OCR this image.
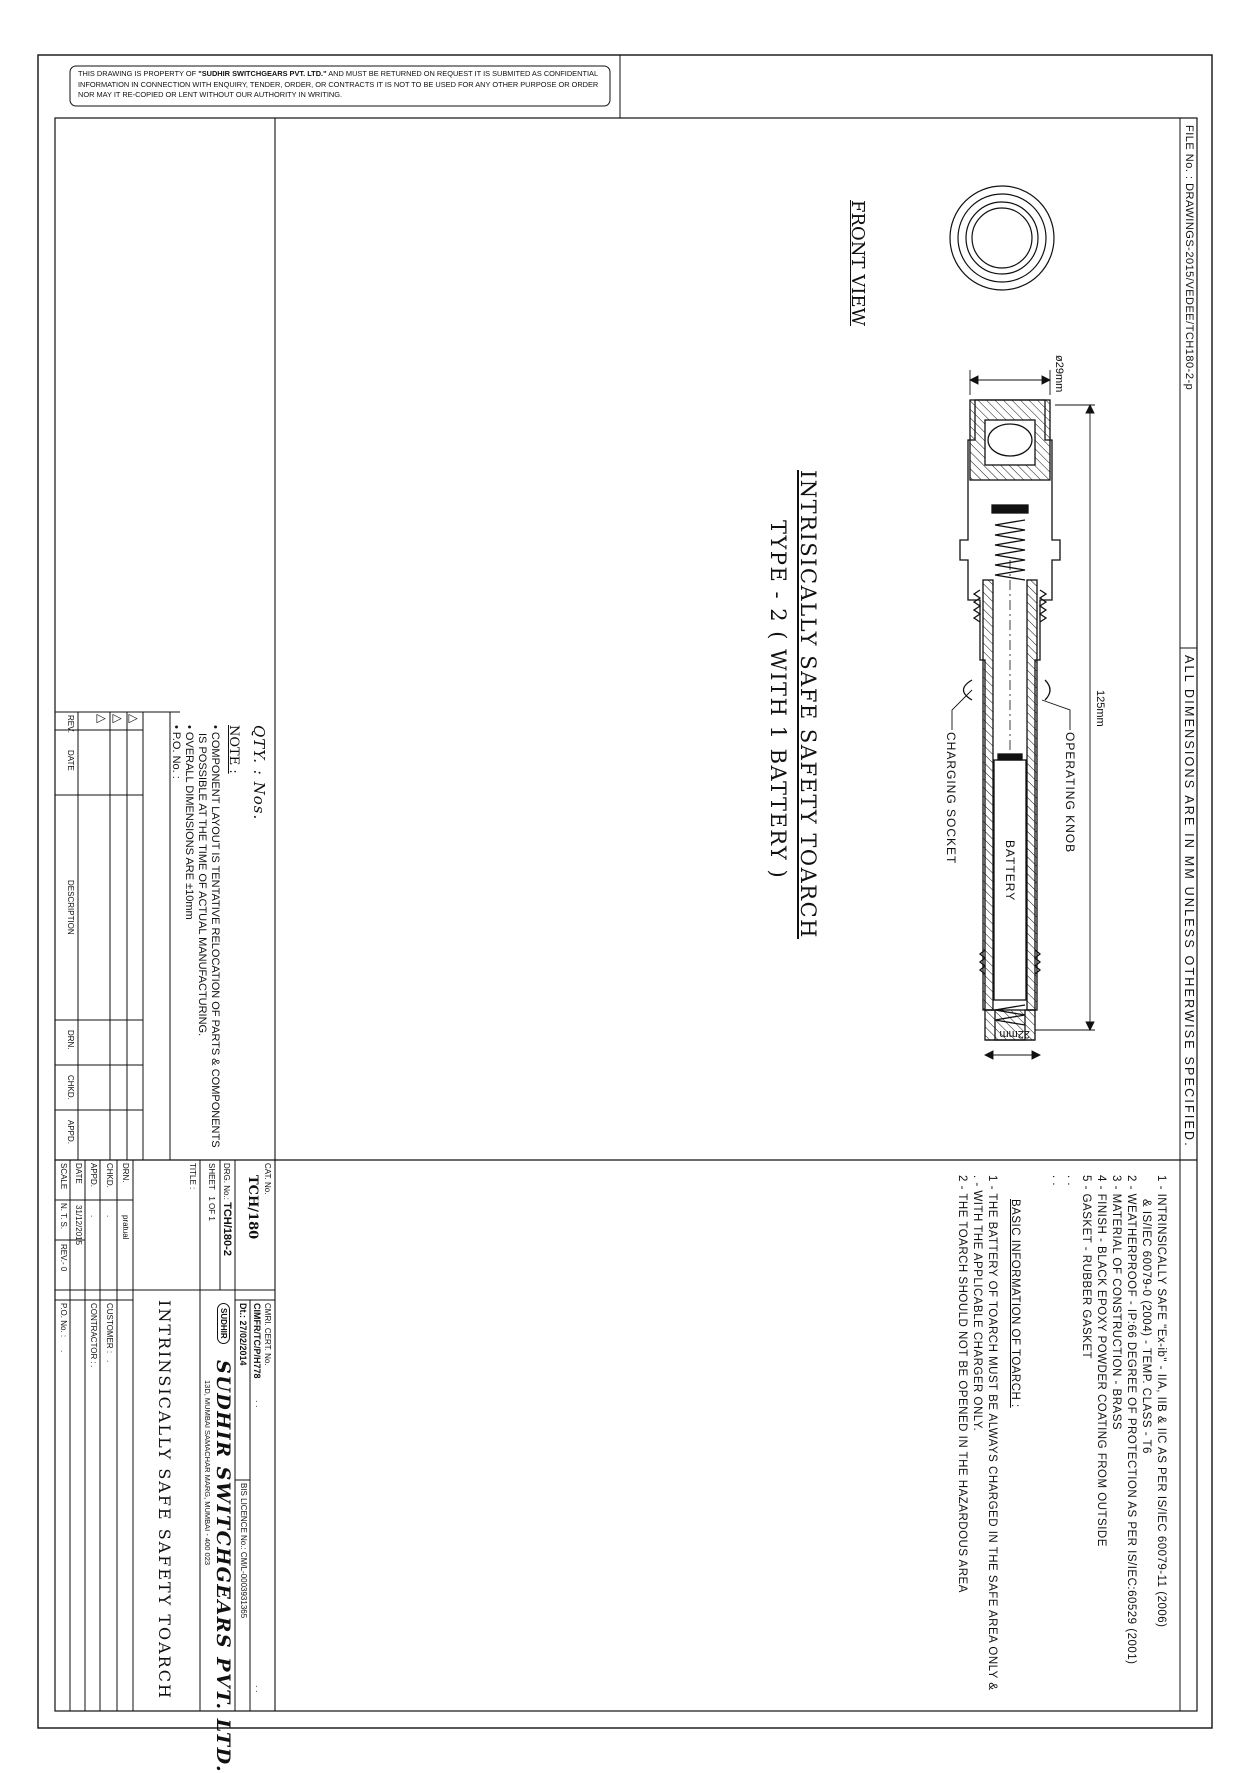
THIS DRAWING IS PROPERTY OF "SUDHIR SWITCHGEARS PVT. LTD." AND MUST BE RETURNED ON REQUEST IT IS SUBMITED AS CONFIDENTIAL
INFORMATION IN CONNECTION WITH ENQUIRY, TENDER, ORDER, OR CONTRACTS IT IS NOT TO BE USED FOR ANY OTHER PURPOSE OR ORDER
NOR MAY IT RE-COPIED OR LENT WITHOUT OUR AUTHORITY IN WRITING.
FILE No. : DRAWINGS-2015/VEDEE/TCH180-2-p
ALL DIMENSIONS ARE IN MM UNLESS OTHERWISE SPECIFIED.
FRONT VIEW
ø29mm
125mm
22mm
OPERATING KNOB
CHARGING SOCKET
BATTERY
INTRISICALLY SAFE SAFETY TOARCH
TYPE - 2 ( WITH 1 BATTERY )
1 - INTRINSICALLY SAFE "Ex-ib" - IIA, IIB & IIC AS PER IS/IEC 60079-11 (2006)
& IS/IEC 60079-0 (2004) - TEMP. CLASS - T6
2 - WEATHERPROOF - IP:66 DEGREE OF PROTECTION AS PER IS/IEC:60529 (2001)
3 - MATERIAL OF CONSTRUCTION - BRASS
4 - FINISH - BLACK EPOXY POWDER COATING FROM OUTSIDE
5 - GASKET - RUBBER GASKET
. .
. .
BASIC INFORMATION OF TOARCH :
1 - THE BATTERY OF TOARCH MUST BE ALWAYS CHARGED IN THE SAFE AREA ONLY &
. - WITH THE APPLICABLE CHARGER ONLY.
2 - THE TOARCH SHOULD NOT BE OPENED IN THE HAZARDOUS AREA
QTY. : Nos.
NOTE :
• COMPONENT LAYOUT IS TENTATIVE RELOCATION OF PARTS & COMPONENTS
IS POSSIBLE AT THE TIME OF ACTUAL MANUFACTURING.
• OVERALL DIMENSIONS ARE ±10mm
• P.O. No. :
REV.
DATE
DESCRIPTION
DRN.
CHKD.
APPD.
△
△
△
CAT. No.
TCH/180
DRG. No.: TCH/180-2
SHEET   1 OF 1
CMRI. CERT. No.
CIMFR/TC/P/H778
Dt.: 27/02/2014
BIS LICENCE No.: CM/L-0003931365
. .
. .
SUDHIR
SUDHIR SWITCHGEARS PVT. LTD.
13D, MUMBAI SAMACHAR MARG, MUMBAI - 400 023
TITLE :
INTRINSICALLY SAFE SAFETY TOARCH
DRN.
pratual
CHKD.
.
APPD.
.
DATE
31/12/2015
SCALE
N. T. S.
REV.- 0
CUSTOMER :
.
CONTRACTOR :
.
P.O. No. :
.
